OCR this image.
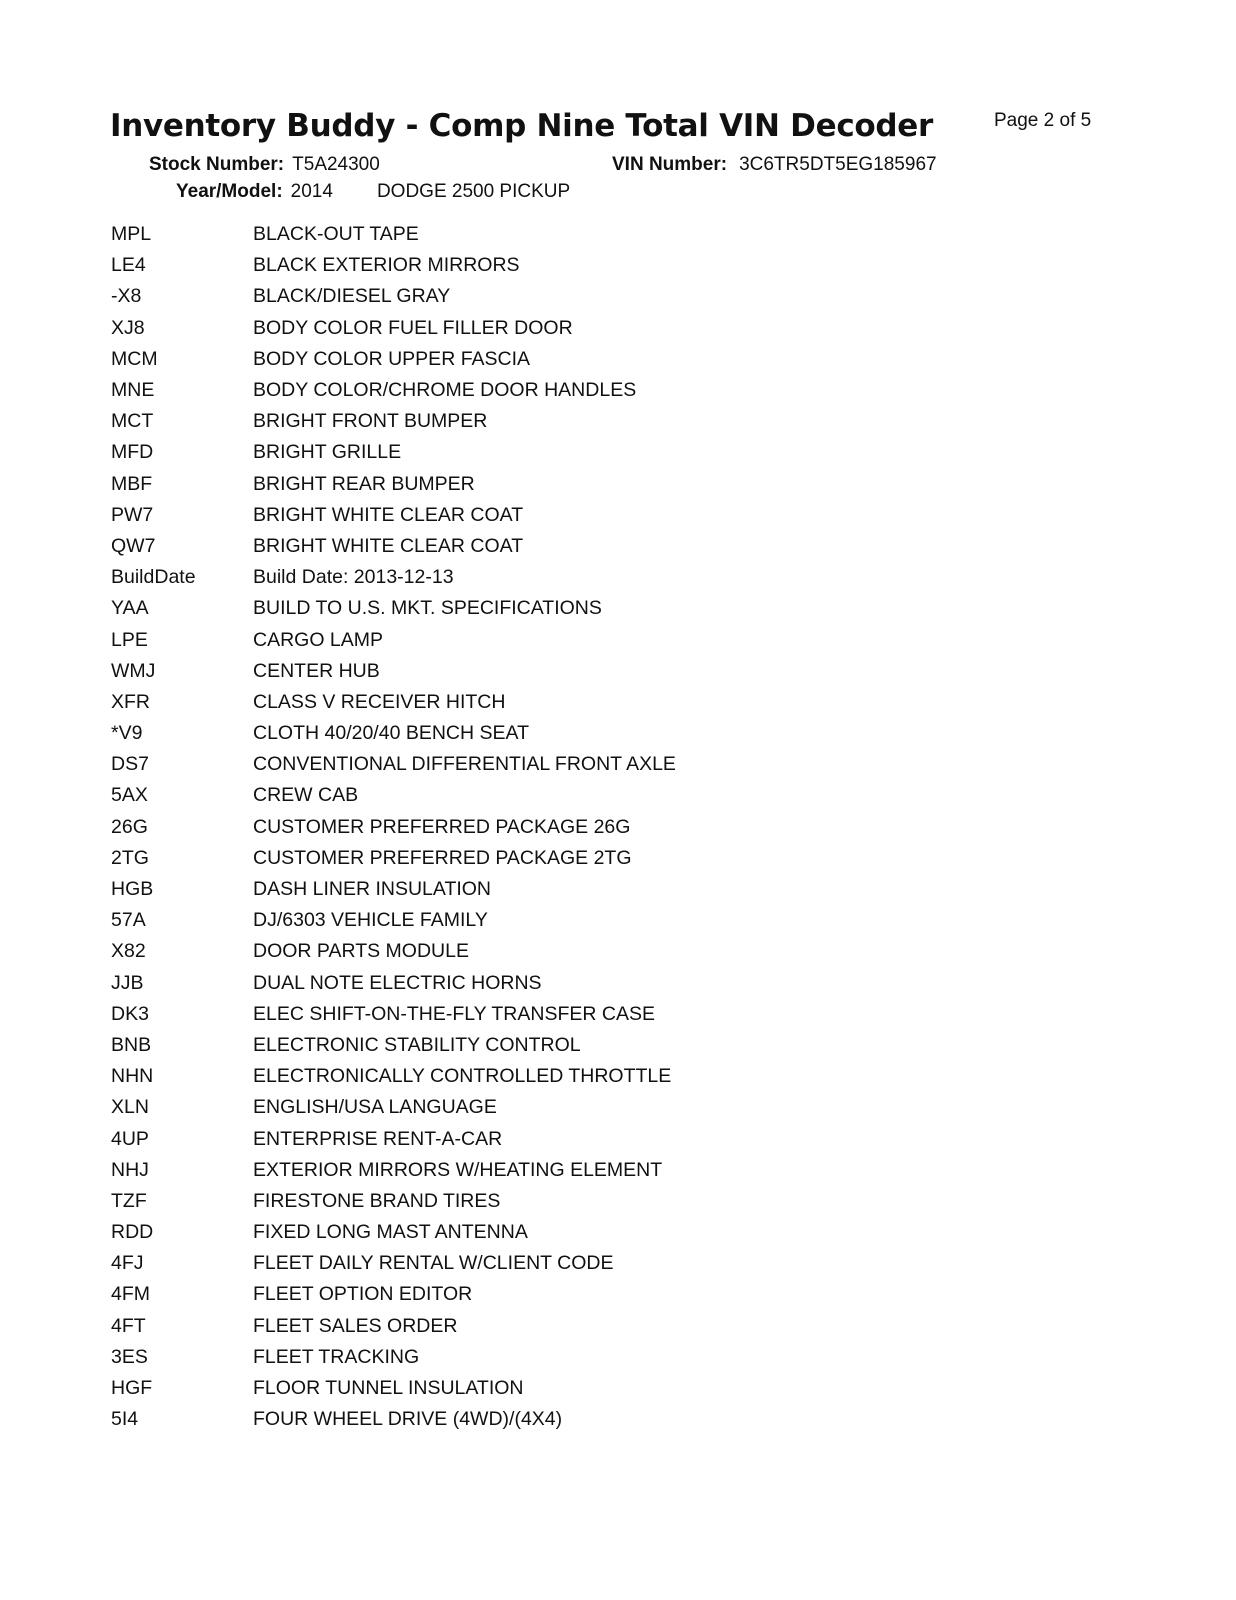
Inventory Buddy - Comp Nine Total VIN Decoder	Page 2 of 5
Stock Number: T5A24300	VIN Number: 3C6TR5DT5EG185967
Year/Model: 2014 DODGE 2500 PICKUP
MPL	BLACK-OUT TAPE
LE4	BLACK EXTERIOR MIRRORS
-X8	BLACK/DIESEL GRAY
XJ8	BODY COLOR FUEL FILLER DOOR
MCM	BODY COLOR UPPER FASCIA
MNE	BODY COLOR/CHROME DOOR HANDLES
MCT	BRIGHT FRONT BUMPER
MFD	BRIGHT GRILLE
MBF	BRIGHT REAR BUMPER
PW7	BRIGHT WHITE CLEAR COAT
QW7	BRIGHT WHITE CLEAR COAT
BuildDate	Build Date: 2013-12-13
YAA	BUILD TO U.S. MKT. SPECIFICATIONS
LPE	CARGO LAMP
WMJ	CENTER HUB
XFR	CLASS V RECEIVER HITCH
*V9	CLOTH 40/20/40 BENCH SEAT
DS7	CONVENTIONAL DIFFERENTIAL FRONT AXLE
5AX	CREW CAB
26G	CUSTOMER PREFERRED PACKAGE 26G
2TG	CUSTOMER PREFERRED PACKAGE 2TG
HGB	DASH LINER INSULATION
57A	DJ/6303 VEHICLE FAMILY
X82	DOOR PARTS MODULE
JJB	DUAL NOTE ELECTRIC HORNS
DK3	ELEC SHIFT-ON-THE-FLY TRANSFER CASE
BNB	ELECTRONIC STABILITY CONTROL
NHN	ELECTRONICALLY CONTROLLED THROTTLE
XLN	ENGLISH/USA LANGUAGE
4UP	ENTERPRISE RENT-A-CAR
NHJ	EXTERIOR MIRRORS W/HEATING ELEMENT
TZF	FIRESTONE BRAND TIRES
RDD	FIXED LONG MAST ANTENNA
4FJ	FLEET DAILY RENTAL W/CLIENT CODE
4FM	FLEET OPTION EDITOR
4FT	FLEET SALES ORDER
3ES	FLEET TRACKING
HGF	FLOOR TUNNEL INSULATION
5I4	FOUR WHEEL DRIVE (4WD)/(4X4)
